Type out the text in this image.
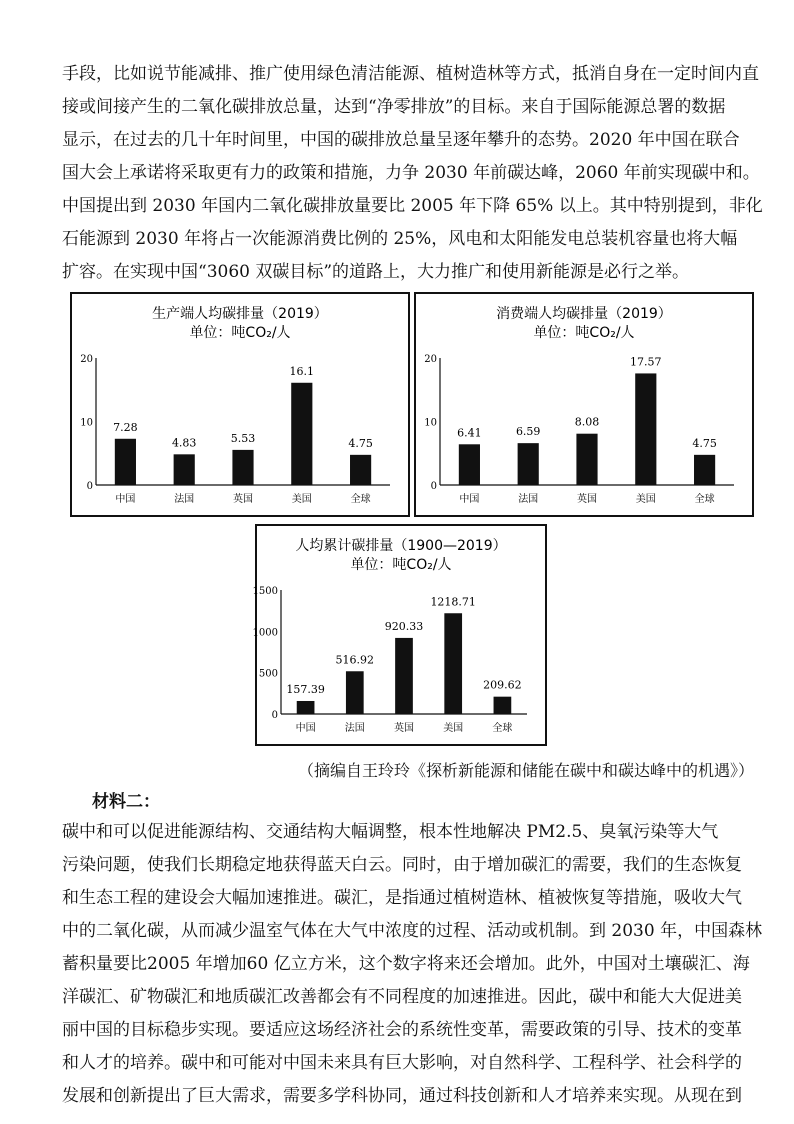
手段，比如说节能减排、推广使用绿色清洁能源、植树造林等方式，抵消自身在一定时间内直
接或间接产生的二氧化碳排放总量，达到“净零排放”的目标。来自于国际能源总署的数据
显示，在过去的几十年时间里，中国的碳排放总量呈逐年攀升的态势。2020 年中国在联合
国大会上承诺将采取更有力的政策和措施，力争 2030 年前碳达峰，2060 年前实现碳中和。
中国提出到 2030 年国内二氧化碳排放量要比 2005 年下降 65% 以上。其中特别提到，非化
石能源到 2030 年将占一次能源消费比例的 25%，风电和太阳能发电总装机容量也将大幅
扩容。在实现中国“3060 双碳目标”的道路上，大力推广和使用新能源是必行之举。
生产端人均碳排量（2019）
单位：吨CO₂/人
0
10
20
7.28
中国
4.83
法国
5.53
英国
16.1
美国
4.75
全球
消费端人均碳排量（2019）
单位：吨CO₂/人
0
10
20
6.41
中国
6.59
法国
8.08
英国
17.57
美国
4.75
全球
人均累计碳排量（1900—2019）
单位：吨CO₂/人
0
500
1000
1500
157.39
中国
516.92
法国
920.33
英国
1218.71
美国
209.62
全球

（摘编自王玲玲《探析新能源和储能在碳中和碳达峰中的机遇》）

材料二：

碳中和可以促进能源结构、交通结构大幅调整，根本性地解决 PM2.5、臭氧污染等大气
污染问题，使我们长期稳定地获得蓝天白云。同时，由于增加碳汇的需要，我们的生态恢复
和生态工程的建设会大幅加速推进。碳汇，是指通过植树造林、植被恢复等措施，吸收大气
中的二氧化碳，从而减少温室气体在大气中浓度的过程、活动或机制。到 2030 年，中国森林
蓄积量要比2005 年增加60 亿立方米，这个数字将来还会增加。此外，中国对土壤碳汇、海
洋碳汇、矿物碳汇和地质碳汇改善都会有不同程度的加速推进。因此，碳中和能大大促进美
丽中国的目标稳步实现。要适应这场经济社会的系统性变革，需要政策的引导、技术的变革
和人才的培养。碳中和可能对中国未来具有巨大影响，对自然科学、工程科学、社会科学的
发展和创新提出了巨大需求，需要多学科协同，通过科技创新和人才培养来实现。从现在到
